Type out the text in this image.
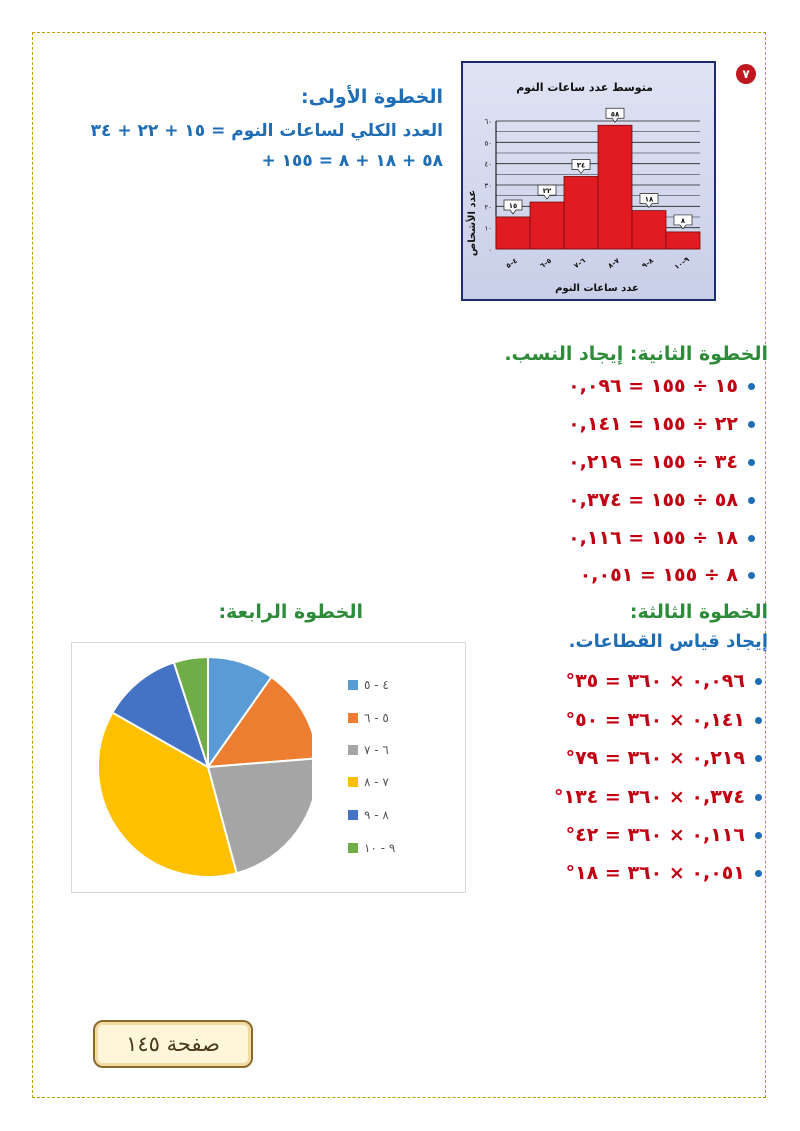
٧
متوسط عدد ساعات النوم
٠
١٠
٢٠
٣٠
٤٠
٥٠
٦٠
١٥
٤–٥
٢٢
٥–٦
٣٤
٦–٧
٥٨
٧–٨
١٨
٨–٩
٨
٩–١٠
عدد الأشخاص
عدد ساعات النوم
الخطوة الأولى:
العدد الكلي لساعات النوم = ١٥ + ٢٢ + ٣٤
+ ٥٨ + ١٨ + ٨ = ١٥٥
الخطوة الثانية: إيجاد النسب.
١٥ ÷ ١٥٥ = ٠,٠٩٦
٢٢ ÷ ١٥٥ = ٠,١٤١
٣٤ ÷ ١٥٥ = ٠,٢١٩
٥٨ ÷ ١٥٥ = ٠,٣٧٤
١٨ ÷ ١٥٥ = ٠,١١٦
٨ ÷ ١٥٥ = ٠,٠٥١
الخطوة الثالثة:
إيجاد قياس القطاعات.
٠,٠٩٦ × ٣٦٠ = ٣٥°
٠,١٤١ × ٣٦٠ = ٥٠°
٠,٢١٩ × ٣٦٠ = ٧٩°
٠,٣٧٤ × ٣٦٠ = ١٣٤°
٠,١١٦ × ٣٦٠ = ٤٢°
٠,٠٥١ × ٣٦٠ = ١٨°
الخطوة الرابعة:
٤ - ٥
٥ - ٦
٦ - ٧
٧ - ٨
٨ - ٩
٩ - ١٠
صفحة ١٤٥
